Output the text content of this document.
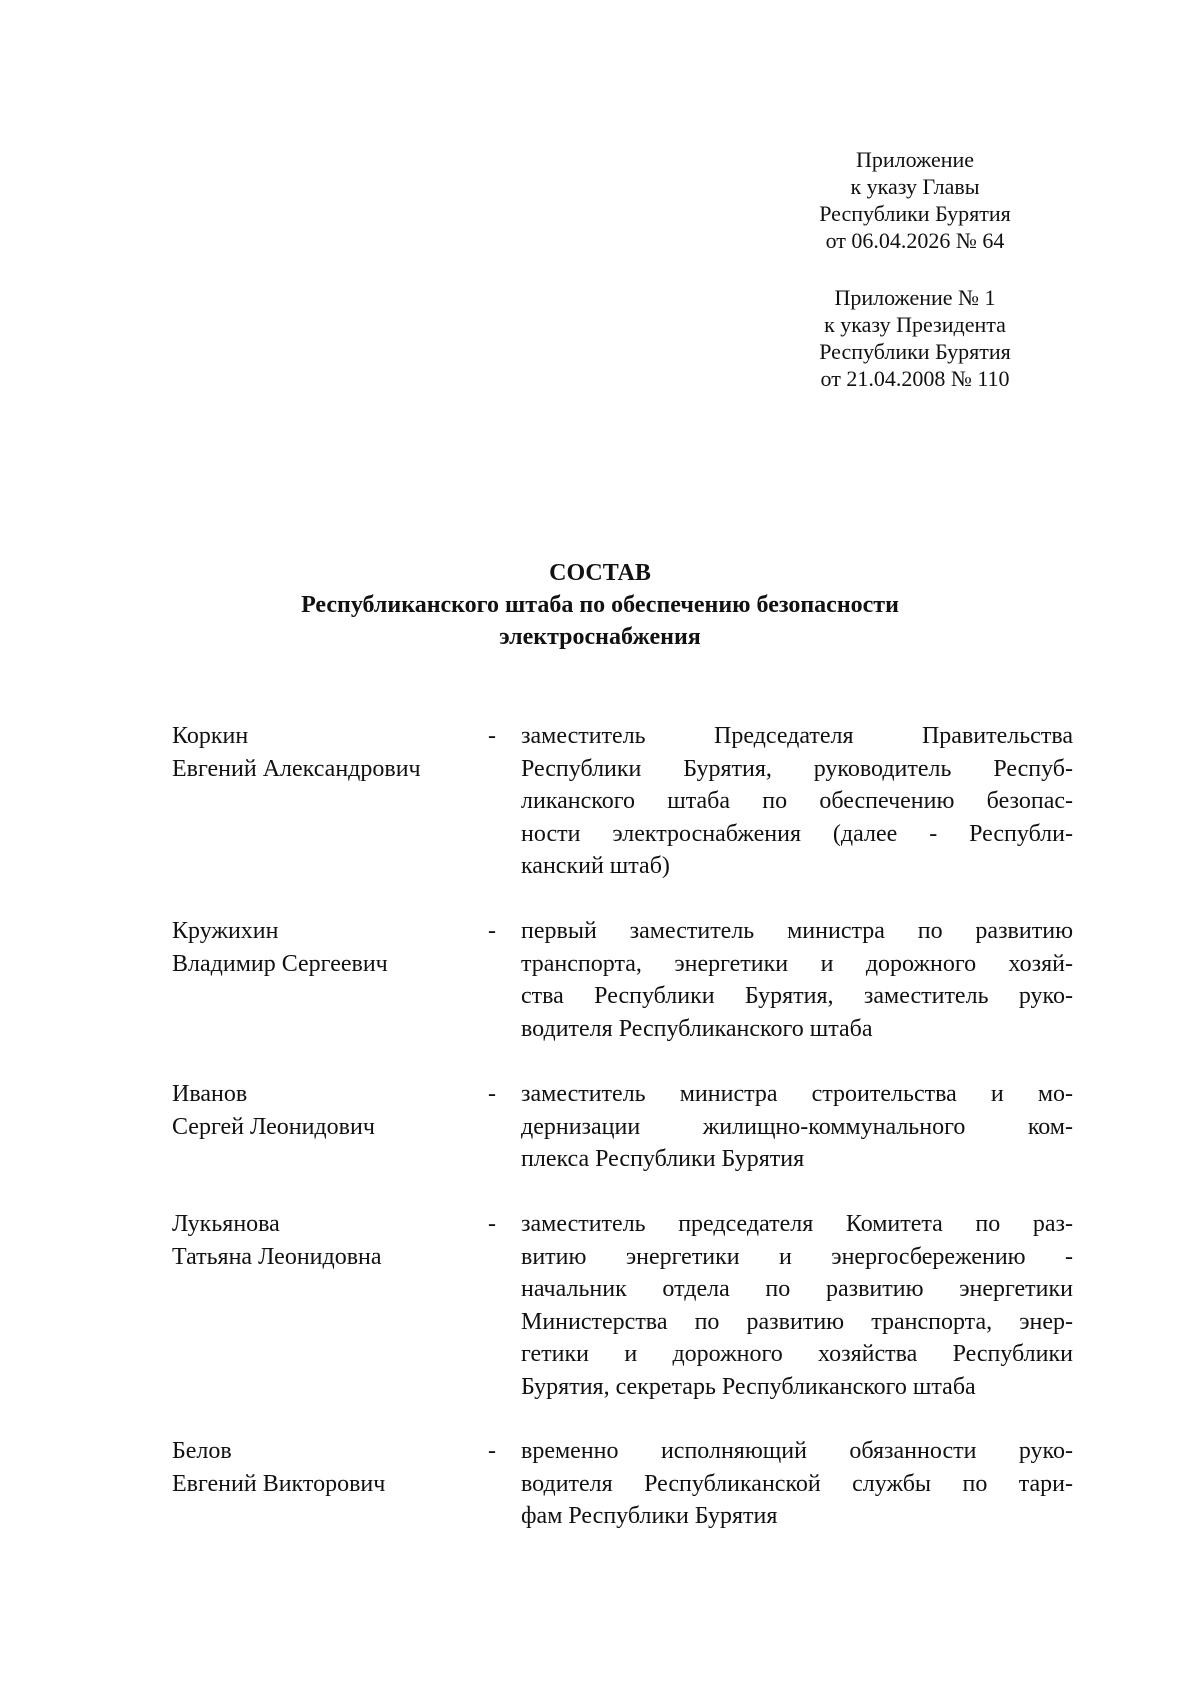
Приложение
к указу Главы
Республики Бурятия
от 06.04.2026 № 64
Приложение № 1
к указу Президента
Республики Бурятия
от 21.04.2008 № 110
СОСТАВ
Республиканского штаба по обеспечению безопасности
электроснабжения
Коркин
Евгений Александрович
- заместитель Председателя Правительства
Республики Бурятия, руководитель Респуб-
ликанского штаба по обеспечению безопас-
ности электроснабжения (далее - Республи-
канский штаб)
Кружихин
Владимир Сергеевич
- первый заместитель министра по развитию
транспорта, энергетики и дорожного хозяй-
ства Республики Бурятия, заместитель руко-
водителя Республиканского штаба
Иванов
Сергей Леонидович
- заместитель министра строительства и мо-
дернизации жилищно-коммунального ком-
плекса Республики Бурятия
Лукьянова
Татьяна Леонидовна
- заместитель председателя Комитета по раз-
витию энергетики и энергосбережению -
начальник отдела по развитию энергетики
Министерства по развитию транспорта, энер-
гетики и дорожного хозяйства Республики
Бурятия, секретарь Республиканского штаба
Белов
Евгений Викторович
- временно исполняющий обязанности руко-
водителя Республиканской службы по тари-
фам Республики Бурятия
